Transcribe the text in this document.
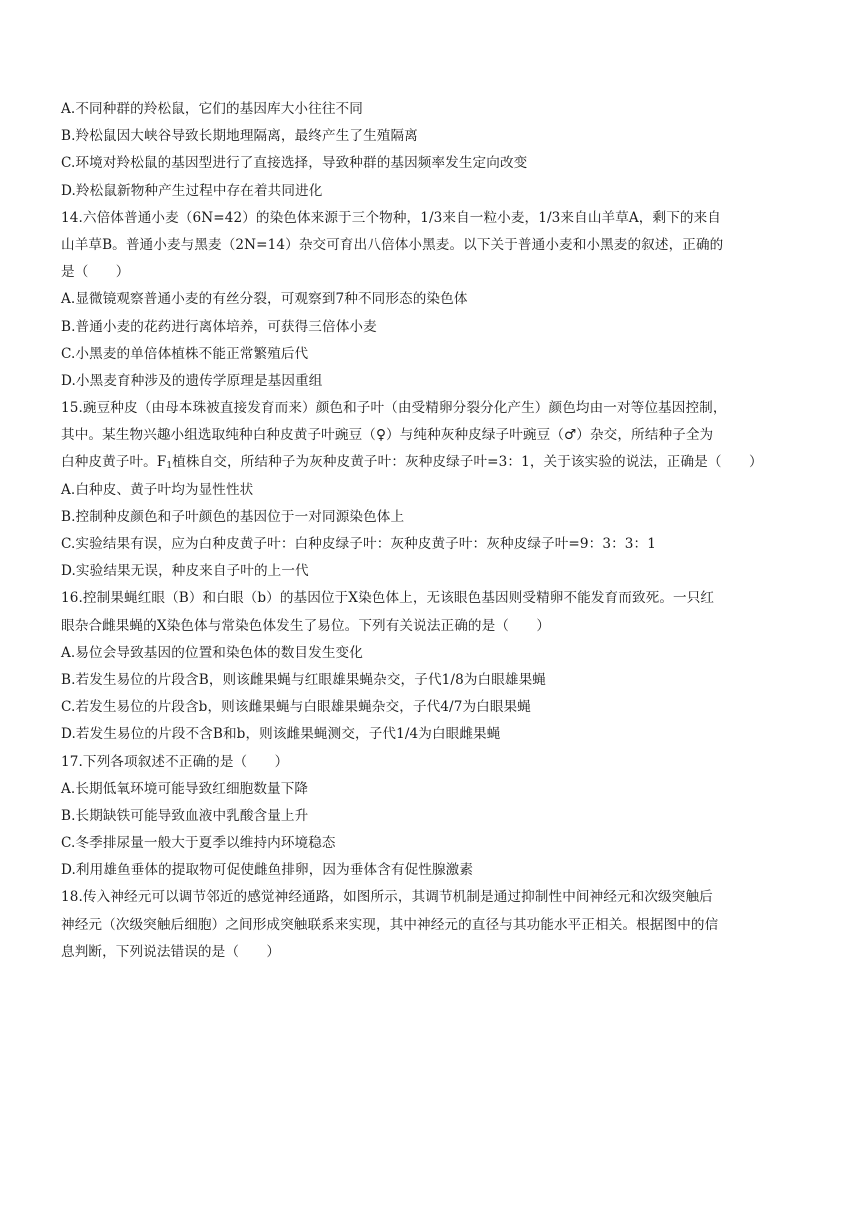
A.不同种群的羚松鼠，它们的基因库大小往往不同
B.羚松鼠因大峡谷导致长期地理隔离，最终产生了生殖隔离
C.环境对羚松鼠的基因型进行了直接选择，导致种群的基因频率发生定向改变
D.羚松鼠新物种产生过程中存在着共同进化
14.六倍体普通小麦（6N=42）的染色体来源于三个物种，1/3来自一粒小麦，1/3来自山羊草A，剩下的来自
山羊草B。普通小麦与黑麦（2N=14）杂交可育出八倍体小黑麦。以下关于普通小麦和小黑麦的叙述，正确的
是（　　）
A.显微镜观察普通小麦的有丝分裂，可观察到7种不同形态的染色体
B.普通小麦的花药进行离体培养，可获得三倍体小麦
C.小黑麦的单倍体植株不能正常繁殖后代
D.小黑麦育种涉及的遗传学原理是基因重组
15.豌豆种皮（由母本珠被直接发育而来）颜色和子叶（由受精卵分裂分化产生）颜色均由一对等位基因控制，
其中。某生物兴趣小组选取纯种白种皮黄子叶豌豆（♀）与纯种灰种皮绿子叶豌豆（♂）杂交，所结种子全为
白种皮黄子叶。$F_1$植株自交，所结种子为灰种皮黄子叶：灰种皮绿子叶=3：1，关于该实验的说法，正确是（　　）
A.白种皮、黄子叶均为显性性状
B.控制种皮颜色和子叶颜色的基因位于一对同源染色体上
C.实验结果有误，应为白种皮黄子叶：白种皮绿子叶：灰种皮黄子叶：灰种皮绿子叶=9：3：3：1
D.实验结果无误，种皮来自子叶的上一代
16.控制果蝇红眼（B）和白眼（b）的基因位于X染色体上，无该眼色基因则受精卵不能发育而致死。一只红
眼杂合雌果蝇的X染色体与常染色体发生了易位。下列有关说法正确的是（　　）
A.易位会导致基因的位置和染色体的数目发生变化
B.若发生易位的片段含B，则该雌果蝇与红眼雄果蝇杂交，子代1/8为白眼雄果蝇
C.若发生易位的片段含b，则该雌果蝇与白眼雄果蝇杂交，子代4/7为白眼果蝇
D.若发生易位的片段不含B和b，则该雌果蝇测交，子代1/4为白眼雌果蝇
17.下列各项叙述不正确的是（　　）
A.长期低氧环境可能导致红细胞数量下降
B.长期缺铁可能导致血液中乳酸含量上升
C.冬季排尿量一般大于夏季以维持内环境稳态
D.利用雄鱼垂体的提取物可促使雌鱼排卵，因为垂体含有促性腺激素
18.传入神经元可以调节邻近的感觉神经通路，如图所示，其调节机制是通过抑制性中间神经元和次级突触后
神经元（次级突触后细胞）之间形成突触联系来实现，其中神经元的直径与其功能水平正相关。根据图中的信
息判断，下列说法错误的是（　　）
